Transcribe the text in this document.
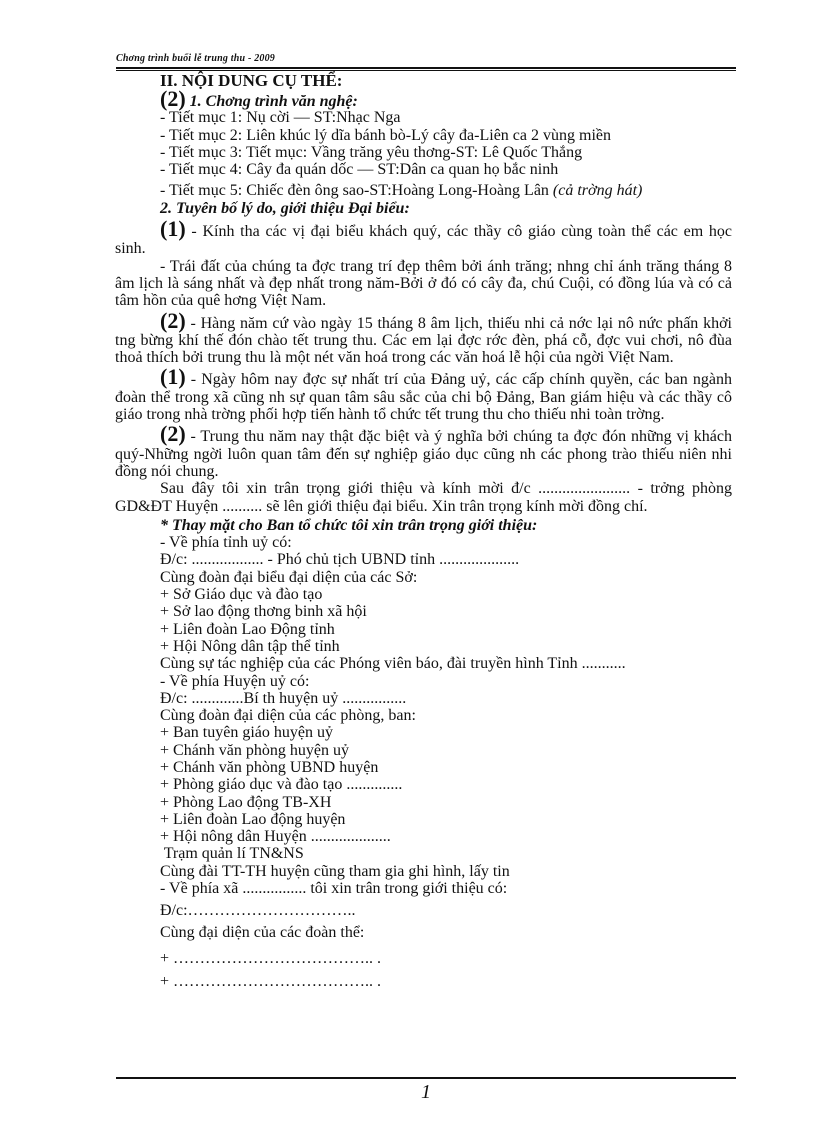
Chơng trình buổi lễ trung thu - 2009
II. NỘI DUNG CỤ THỂ:
(2) 1. Chơng trình văn nghệ:
- Tiết mục 1: Nụ cời — ST:Nhạc Nga
- Tiết mục 2: Liên khúc lý dĩa bánh bò-Lý cây đa-Liên ca 2 vùng miền
- Tiết mục 3: Tiết mục: Vầng trăng yêu thơng-ST: Lê Quốc Thắng
- Tiết mục 4: Cây đa quán dốc — ST:Dân ca quan họ bắc ninh
- Tiết mục 5: Chiếc đèn ông sao-ST:Hoàng Long-Hoàng Lân (cả trờng hát)
2. Tuyên bố lý do, giới thiệu Đại biểu:

(1) - Kính tha các vị đại biểu khách quý, các thầy cô giáo cùng toàn thể các em học sinh.

- Trái đất của chúng ta đợc trang trí đẹp thêm bởi ánh trăng; nhng chỉ ánh trăng tháng 8 âm lịch là sáng nhất và đẹp nhất trong năm-Bởi ở đó có cây đa, chú Cuội, có đồng lúa và có cả tâm hồn của quê hơng Việt Nam.

(2) - Hàng năm cứ vào ngày 15 tháng 8 âm lịch, thiếu nhi cả nớc lại nô nức phấn khởi tng bừng khí thế đón chào tết trung thu. Các em lại đợc rớc đèn, phá cỗ, đợc vui chơi, nô đùa thoả thích bởi trung thu là một nét văn hoá trong các văn hoá lễ hội của ngời Việt Nam.

(1) - Ngày hôm nay đợc sự nhất trí của Đảng uỷ, các cấp chính quyền, các ban ngành đoàn thể trong xã cũng nh sự quan tâm sâu sắc của chi bộ Đảng, Ban giám hiệu và các thầy cô giáo trong nhà trờng phối hợp tiến hành tổ chức tết trung thu cho thiếu nhi toàn trờng.

(2) - Trung thu năm nay thật đặc biệt và ý nghĩa bởi chúng ta đợc đón những vị khách quý-Những ngời luôn quan tâm đến sự nghiệp giáo dục cũng nh các phong trào thiếu niên nhi đồng nói chung.

Sau đây tôi xin trân trọng giới thiệu và kính mời đ/c ....................... - trởng phòng GD&ĐT Huyện .......... sẽ lên giới thiệu đại biểu. Xin trân trọng kính mời đồng chí.

* Thay mặt cho Ban tổ chức tôi xin trân trọng giới thiệu:
- Về phía tỉnh uỷ có:
Đ/c: .................. - Phó chủ tịch UBND tỉnh ....................
Cùng đoàn đại biểu đại diện của các Sở:
+ Sở Giáo dục và đào tạo
+ Sở lao động thơng binh xã hội
+ Liên đoàn Lao Động tỉnh
+ Hội Nông dân tập thể tỉnh
Cùng sự tác nghiệp của các Phóng viên báo, đài truyền hình Tỉnh ...........
- Về phía Huyện uỷ có:
Đ/c: .............Bí th huyện uỷ ................
Cùng đoàn đại diện của các phòng, ban:
+ Ban tuyên giáo huyện uỷ
+ Chánh văn phòng huyện uỷ
+ Chánh văn phòng UBND huyện
+ Phòng giáo dục và đào tạo ..............
+ Phòng Lao động TB-XH
+ Liên đoàn Lao động huyện
+ Hội nông dân Huyện ....................
Trạm quản lí TN&NS
Cùng đài TT-TH huyện cũng tham gia ghi hình, lấy tin
- Về phía xã ................ tôi xin trân trong giới thiệu có:
Đ/c:…………………………..
Cùng đại diện của các đoàn thể:
+ ……………………………….. .
+ ……………………………….. .
1
